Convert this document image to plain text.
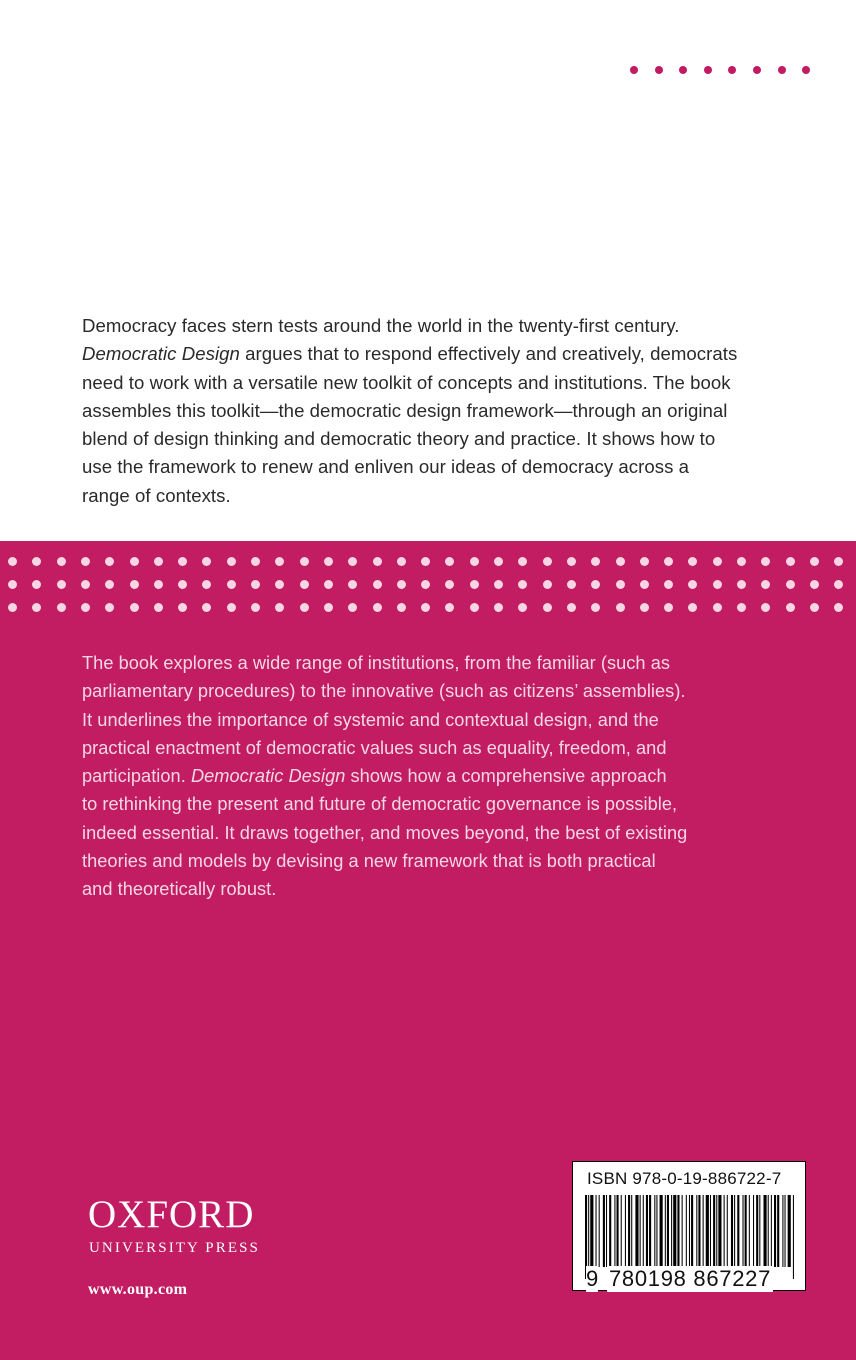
Democracy faces stern tests around the world in the twenty-first century.
Democratic Design argues that to respond effectively and creatively, democrats
need to work with a versatile new toolkit of concepts and institutions. The book
assembles this toolkit—the democratic design framework—through an original
blend of design thinking and democratic theory and practice. It shows how to
use the framework to renew and enliven our ideas of democracy across a
range of contexts.

The book explores a wide range of institutions, from the familiar (such as
parliamentary procedures) to the innovative (such as citizens’ assemblies).
It underlines the importance of systemic and contextual design, and the
practical enactment of democratic values such as equality, freedom, and
participation. Democratic Design shows how a comprehensive approach
to rethinking the present and future of democratic governance is possible,
indeed essential. It draws together, and moves beyond, the best of existing
theories and models by devising a new framework that is both practical
and theoretically robust.

OXFORD
UNIVERSITY PRESS
www.oup.com

ISBN 978-0-19-886722-7

9 780198 867227
